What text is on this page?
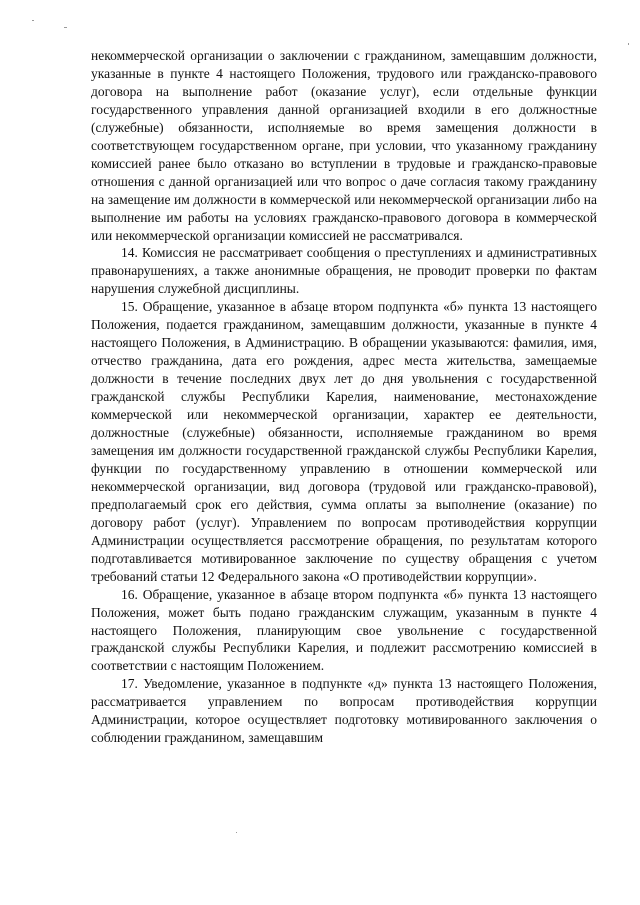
некоммерческой организации о заключении с гражданином, замещавшим должности, указанные в пункте 4 настоящего Положения, трудового или гражданско-правового договора на выполнение работ (оказание услуг), если отдельные функции государственного управления данной организацией входили в его должностные (служебные) обязанности, исполняемые во время замещения должности в соответствующем государственном органе, при условии, что указанному гражданину комиссией ранее было отказано во вступлении в трудовые и гражданско-правовые отношения с данной организацией или что вопрос о даче согласия такому гражданину на замещение им должности в коммерческой или некоммерческой организации либо на выполнение им работы на условиях гражданско-правового договора в коммерческой или некоммерческой организации комиссией не рассматривался.

14. Комиссия не рассматривает сообщения о преступлениях и административных правонарушениях, а также анонимные обращения, не проводит проверки по фактам нарушения служебной дисциплины.

15. Обращение, указанное в абзаце втором подпункта «б» пункта 13 настоящего Положения, подается гражданином, замещавшим должности, указанные в пункте 4 настоящего Положения, в Администрацию. В обращении указываются: фамилия, имя, отчество гражданина, дата его рождения, адрес места жительства, замещаемые должности в течение последних двух лет до дня увольнения с государственной гражданской службы Республики Карелия, наименование, местонахождение коммерческой или некоммерческой организации, характер ее деятельности, должностные (служебные) обязанности, исполняемые гражданином во время замещения им должности государственной гражданской службы Республики Карелия, функции по государственному управлению в отношении коммерческой или некоммерческой организации, вид договора (трудовой или гражданско-правовой), предполагаемый срок его действия, сумма оплаты за выполнение (оказание) по договору работ (услуг). Управлением по вопросам противодействия коррупции Администрации осуществляется рассмотрение обращения, по результатам которого подготавливается мотивированное заключение по существу обращения с учетом требований статьи 12 Федерального закона «О противодействии коррупции».

16. Обращение, указанное в абзаце втором подпункта «б» пункта 13 настоящего Положения, может быть подано гражданским служащим, указанным в пункте 4 настоящего Положения, планирующим свое увольнение с государственной гражданской службы Республики Карелия, и подлежит рассмотрению комиссией в соответствии с настоящим Положением.

17. Уведомление, указанное в подпункте «д» пункта 13 настоящего Положения, рассматривается управлением по вопросам противодействия коррупции Администрации, которое осуществляет подготовку мотивированного заключения о соблюдении гражданином, замещавшим
